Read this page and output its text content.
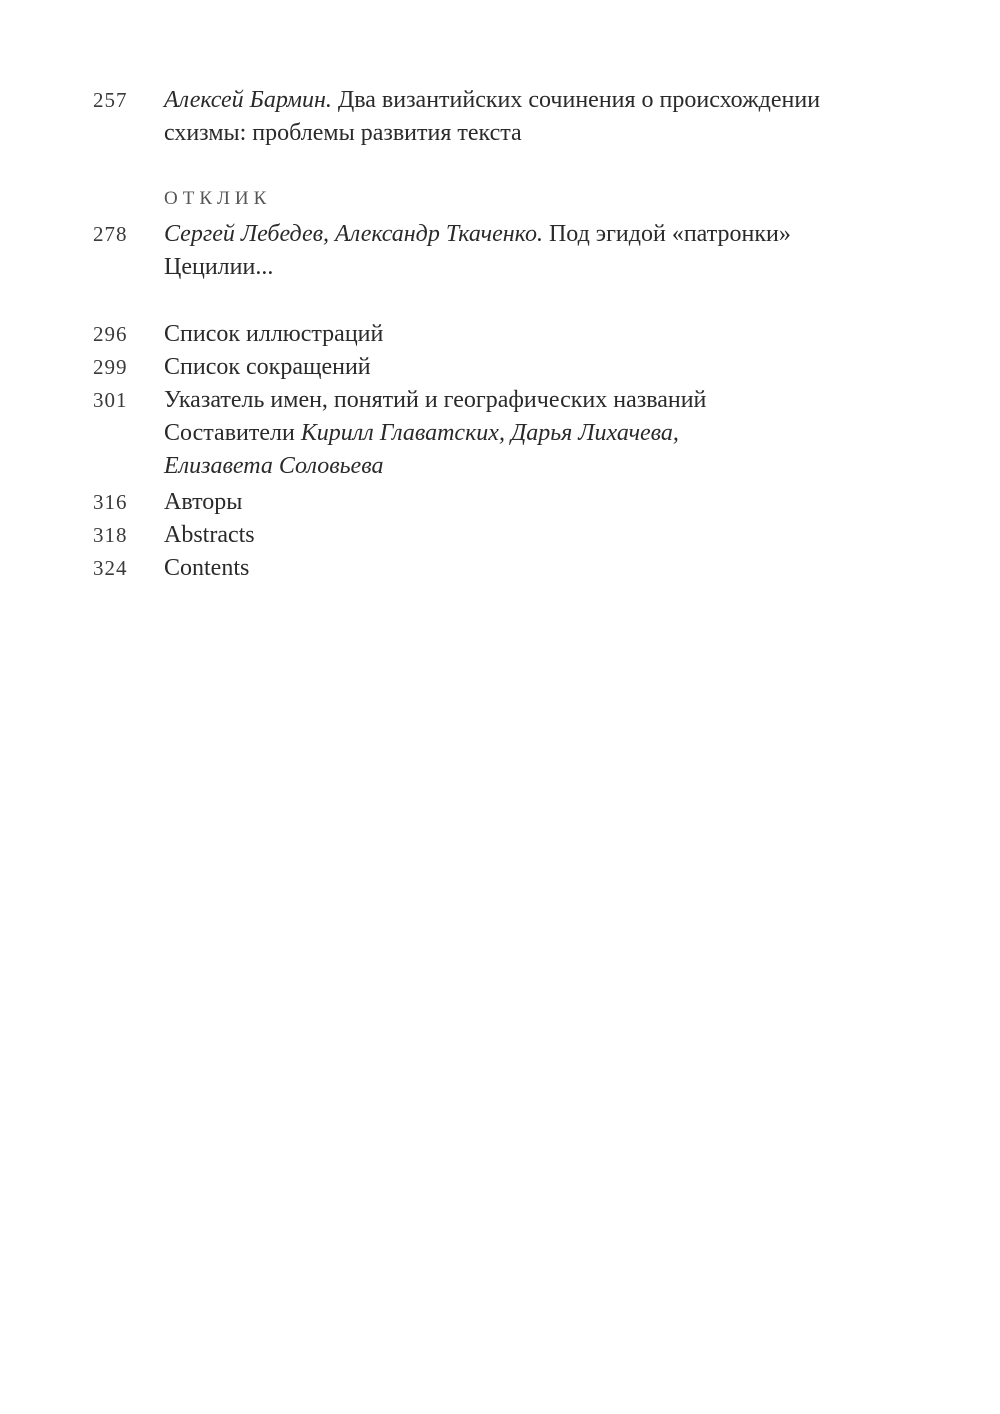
257	Алексей Бармин. Два византийских сочинения о происхождении
схизмы: проблемы развития текста
ОТКЛИК
278	Сергей Лебедев, Александр Ткаченко. Под эгидой «патронки»
Цецилии...
296	Список иллюстраций
299	Список сокращений
301	Указатель имен, понятий и географических названий
Составители Кирилл Главатских, Дарья Лихачева,
Елизавета Соловьева
316	Авторы
318	Abstracts
324	Contents
